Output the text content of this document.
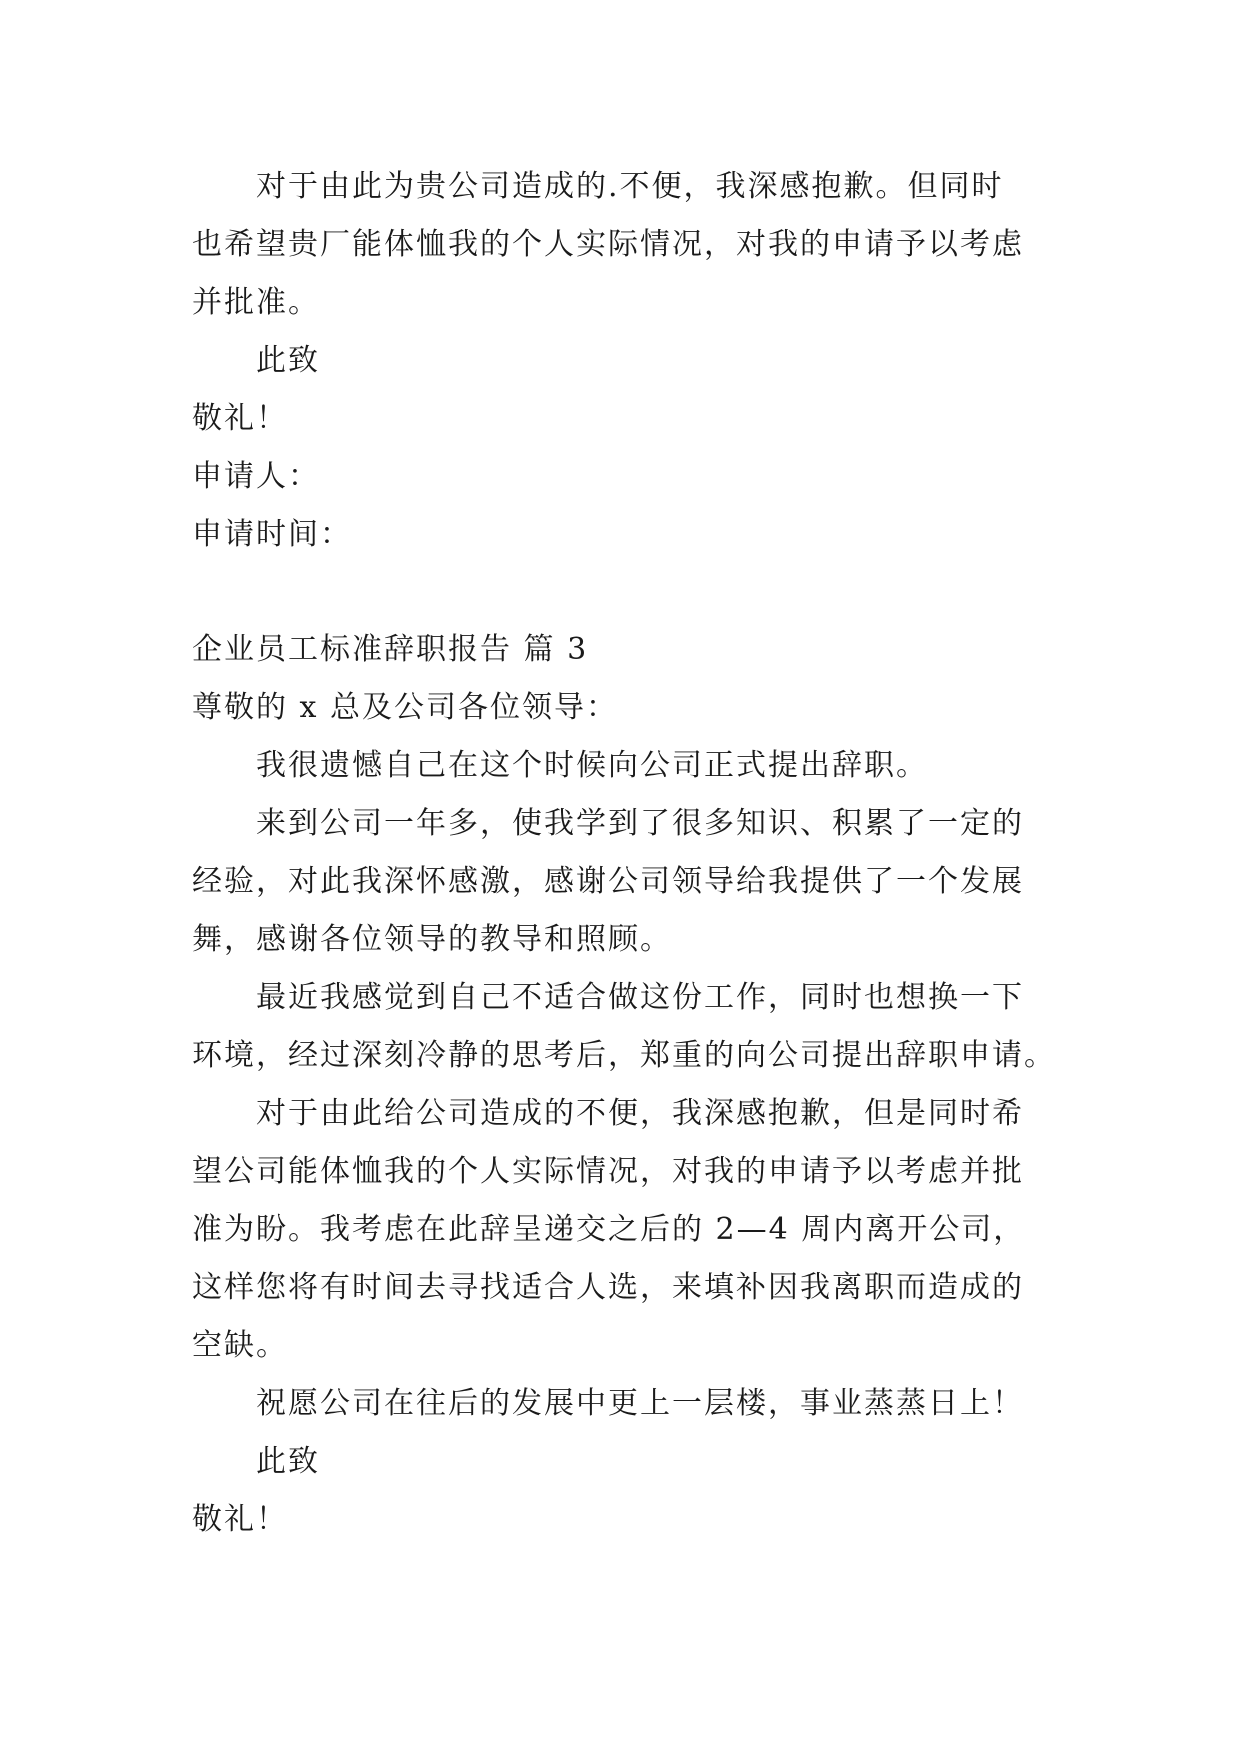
对于由此为贵公司造成的.不便，我深感抱歉。但同时
也希望贵厂能体恤我的个人实际情况，对我的申请予以考虑
并批准。
此致
敬礼！
申请人：
申请时间：
企业员工标准辞职报告 篇 3
尊敬的 x 总及公司各位领导：
我很遗憾自己在这个时候向公司正式提出辞职。
来到公司一年多，使我学到了很多知识、积累了一定的
经验，对此我深怀感激，感谢公司领导给我提供了一个发展
舞，感谢各位领导的教导和照顾。
最近我感觉到自己不适合做这份工作，同时也想换一下
环境，经过深刻冷静的思考后，郑重的向公司提出辞职申请。
对于由此给公司造成的不便，我深感抱歉，但是同时希
望公司能体恤我的个人实际情况，对我的申请予以考虑并批
准为盼。我考虑在此辞呈递交之后的 2—4 周内离开公司，
这样您将有时间去寻找适合人选，来填补因我离职而造成的
空缺。
祝愿公司在往后的发展中更上一层楼，事业蒸蒸日上！
此致
敬礼！
